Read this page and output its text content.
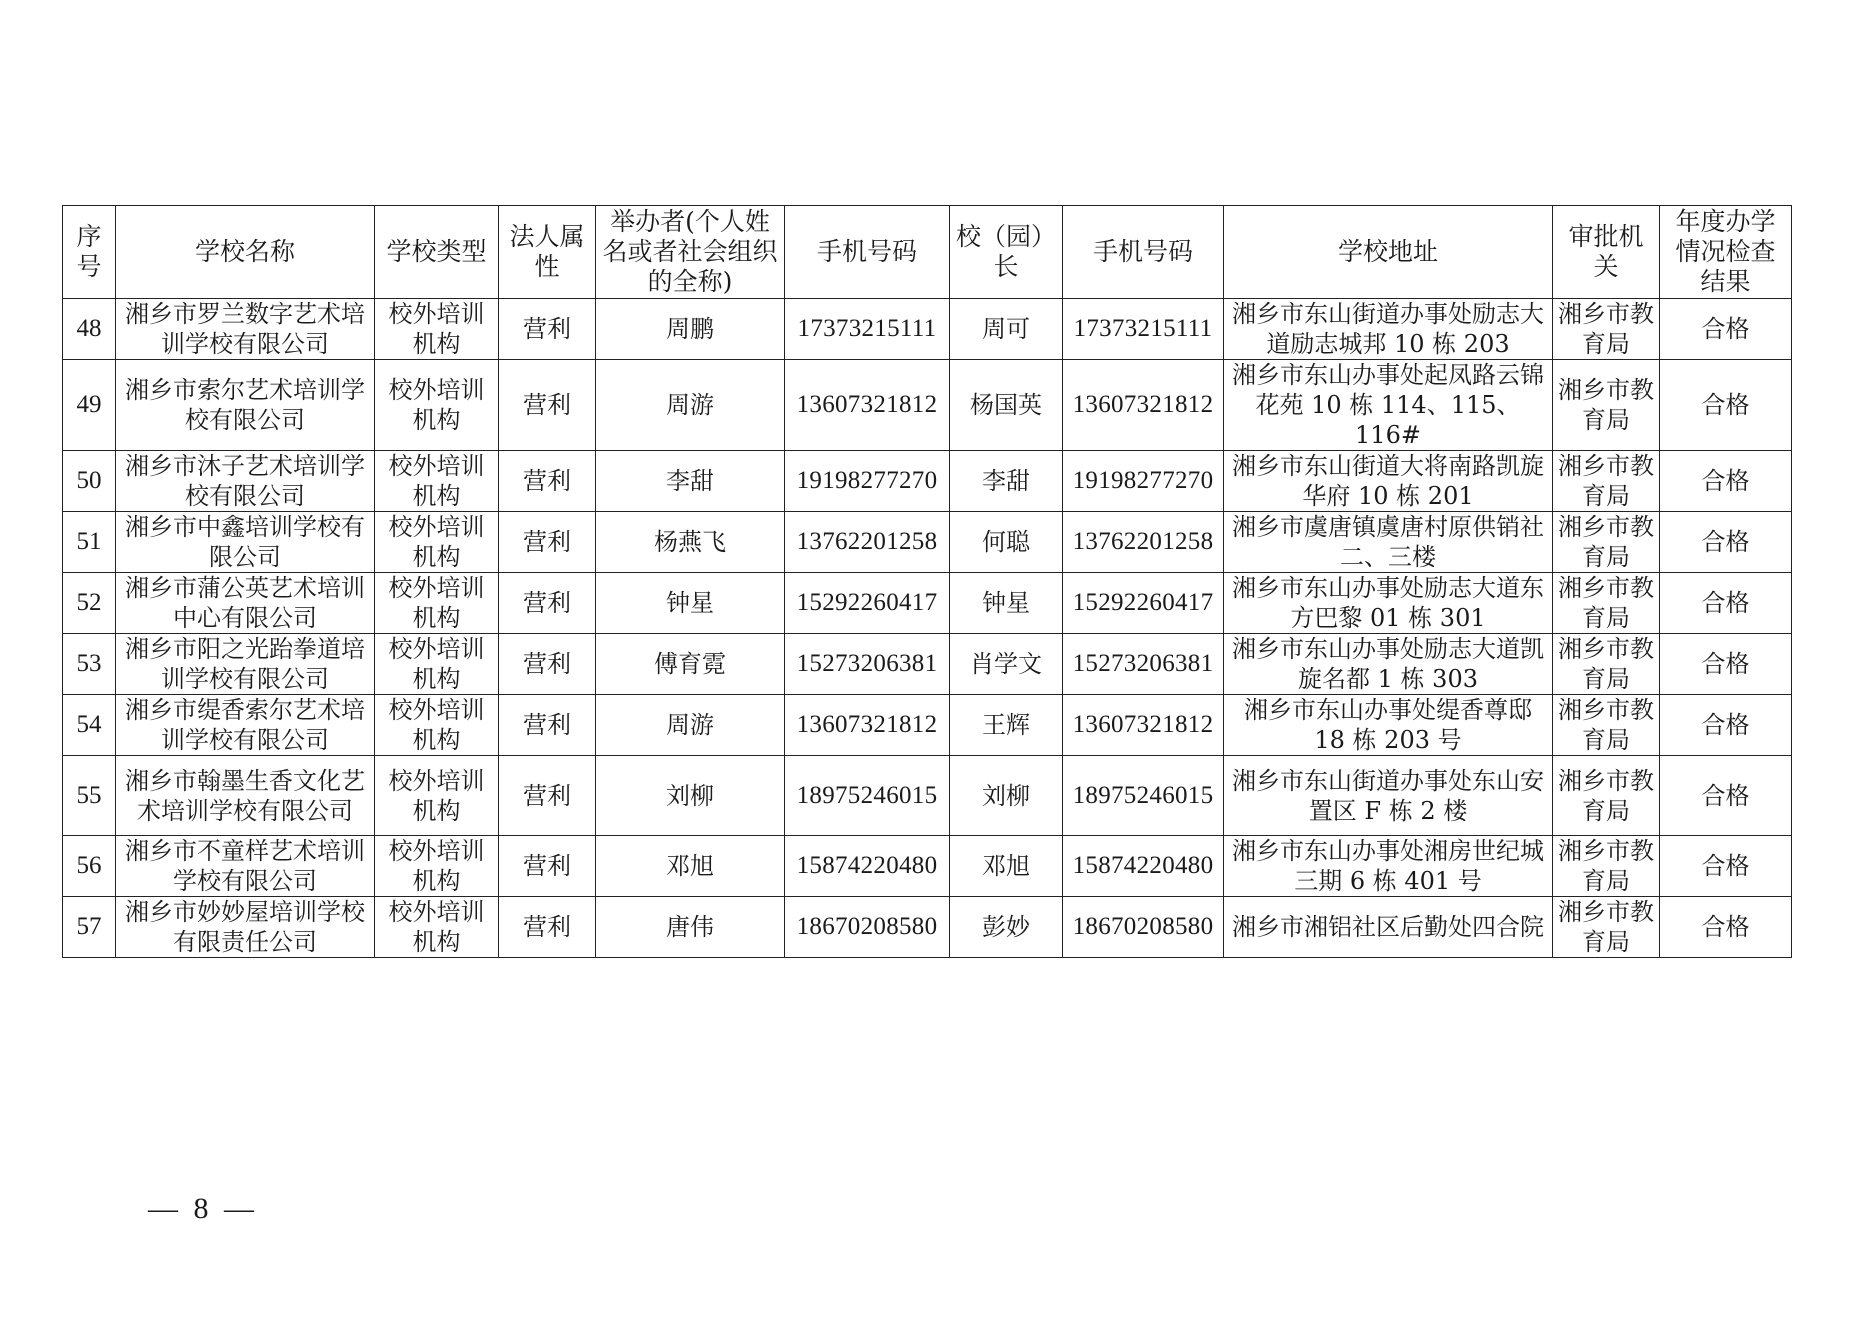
序号	学校名称	学校类型	法人属性	举办者(个人姓名或者社会组织的全称)	手机号码	校（园）长	手机号码	学校地址	审批机关	年度办学情况检查结果
48	湘乡市罗兰数字艺术培训学校有限公司	校外培训机构	营利	周鹏	17373215111	周可	17373215111	湘乡市东山街道办事处励志大道励志城邦 10 栋 203	湘乡市教育局	合格
49	湘乡市索尔艺术培训学校有限公司	校外培训机构	营利	周游	13607321812	杨国英	13607321812	湘乡市东山办事处起凤路云锦花苑 10 栋 114、115、116#	湘乡市教育局	合格
50	湘乡市沐子艺术培训学校有限公司	校外培训机构	营利	李甜	19198277270	李甜	19198277270	湘乡市东山街道大将南路凯旋华府 10 栋 201	湘乡市教育局	合格
51	湘乡市中鑫培训学校有限公司	校外培训机构	营利	杨燕飞	13762201258	何聪	13762201258	湘乡市虞唐镇虞唐村原供销社二、三楼	湘乡市教育局	合格
52	湘乡市蒲公英艺术培训中心有限公司	校外培训机构	营利	钟星	15292260417	钟星	15292260417	湘乡市东山办事处励志大道东方巴黎 01 栋 301	湘乡市教育局	合格
53	湘乡市阳之光跆拳道培训学校有限公司	校外培训机构	营利	傅育霓	15273206381	肖学文	15273206381	湘乡市东山办事处励志大道凯旋名都 1 栋 303	湘乡市教育局	合格
54	湘乡市缇香索尔艺术培训学校有限公司	校外培训机构	营利	周游	13607321812	王辉	13607321812	湘乡市东山办事处缇香尊邸 18 栋 203 号	湘乡市教育局	合格
55	湘乡市翰墨生香文化艺术培训学校有限公司	校外培训机构	营利	刘柳	18975246015	刘柳	18975246015	湘乡市东山街道办事处东山安置区 F 栋 2 楼	湘乡市教育局	合格
56	湘乡市不童样艺术培训学校有限公司	校外培训机构	营利	邓旭	15874220480	邓旭	15874220480	湘乡市东山办事处湘房世纪城三期 6 栋 401 号	湘乡市教育局	合格
57	湘乡市妙妙屋培训学校有限责任公司	校外培训机构	营利	唐伟	18670208580	彭妙	18670208580	湘乡市湘铝社区后勤处四合院	湘乡市教育局	合格
— 8 —
